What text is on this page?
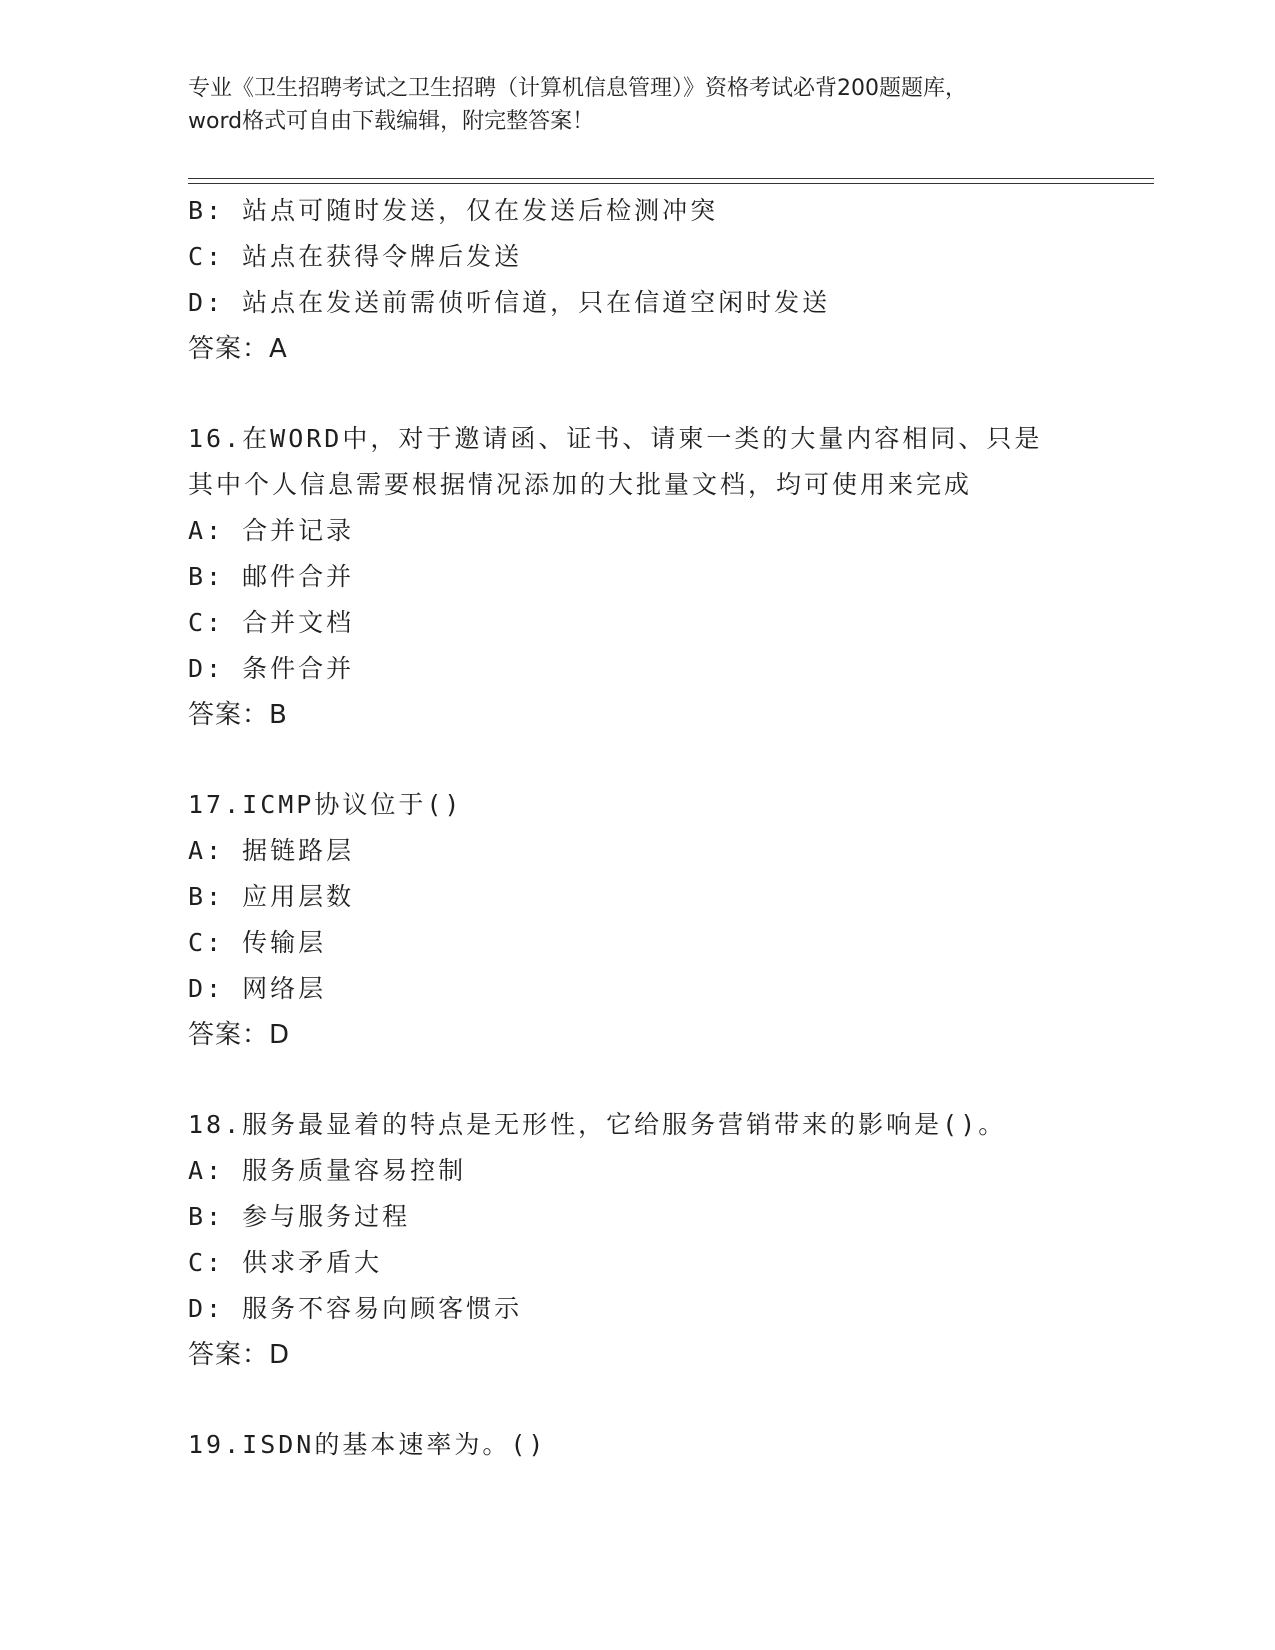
专业《卫生招聘考试之卫生招聘（计算机信息管理）》资格考试必背200题题库，
word格式可自由下载编辑，附完整答案！
B: 站点可随时发送，仅在发送后检测冲突
C: 站点在获得令牌后发送
D: 站点在发送前需侦听信道，只在信道空闲时发送
答案：A
16.在WORD中，对于邀请函、证书、请柬一类的大量内容相同、只是
其中个人信息需要根据情况添加的大批量文档，均可使用来完成
A: 合并记录
B: 邮件合并
C: 合并文档
D: 条件合并
答案：B
17.ICMP协议位于()
A: 据链路层
B: 应用层数
C: 传输层
D: 网络层
答案：D
18.服务最显着的特点是无形性，它给服务营销带来的影响是()。
A: 服务质量容易控制
B: 参与服务过程
C: 供求矛盾大
D: 服务不容易向顾客惯示
答案：D
19.ISDN的基本速率为。()
